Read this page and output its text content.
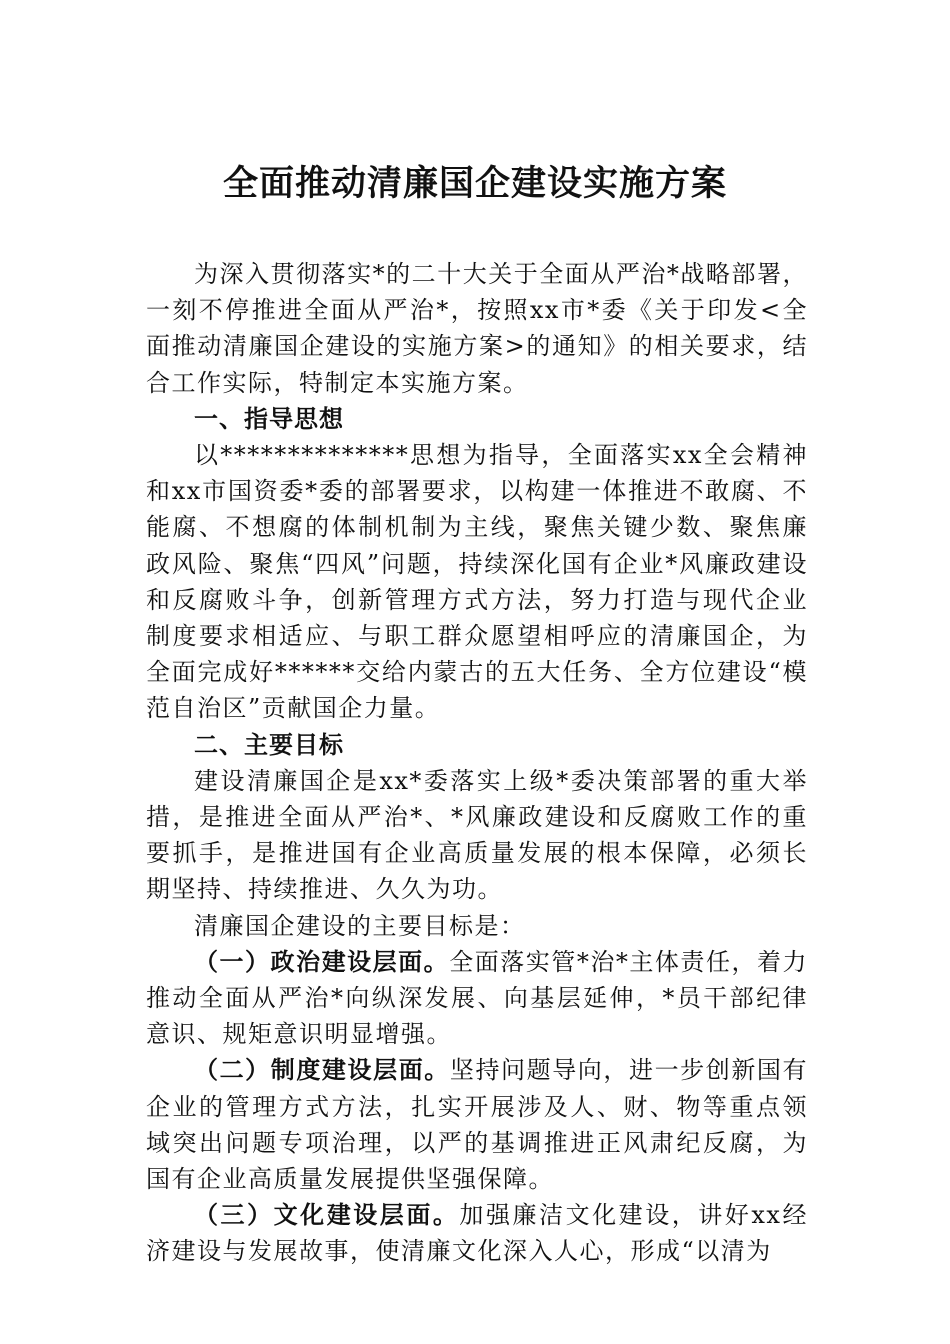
全面推动清廉国企建设实施方案

为深入贯彻落实*的二十大关于全面从严治*战略部署，一刻不停推进全面从严治*，按照xx市*委《关于印发<全面推动清廉国企建设的实施方案>的通知》的相关要求，结合工作实际，特制定本实施方案。

一、指导思想

以**************思想为指导，全面落实xx全会精神和xx市国资委*委的部署要求，以构建一体推进不敢腐、不能腐、不想腐的体制机制为主线，聚焦关键少数、聚焦廉政风险、聚焦“四风”问题，持续深化国有企业*风廉政建设和反腐败斗争，创新管理方式方法，努力打造与现代企业制度要求相适应、与职工群众愿望相呼应的清廉国企，为全面完成好******交给内蒙古的五大任务、全方位建设“模范自治区”贡献国企力量。

二、主要目标

建设清廉国企是xx*委落实上级*委决策部署的重大举措，是推进全面从严治*、*风廉政建设和反腐败工作的重要抓手，是推进国有企业高质量发展的根本保障，必须长期坚持、持续推进、久久为功。

清廉国企建设的主要目标是：

（一）政治建设层面。全面落实管*治*主体责任，着力推动全面从严治*向纵深发展、向基层延伸，*员干部纪律意识、规矩意识明显增强。

（二）制度建设层面。坚持问题导向，进一步创新国有企业的管理方式方法，扎实开展涉及人、财、物等重点领域突出问题专项治理，以严的基调推进正风肃纪反腐，为国有企业高质量发展提供坚强保障。

（三）文化建设层面。加强廉洁文化建设，讲好xx经济建设与发展故事，使清廉文化深入人心，形成“以清为
